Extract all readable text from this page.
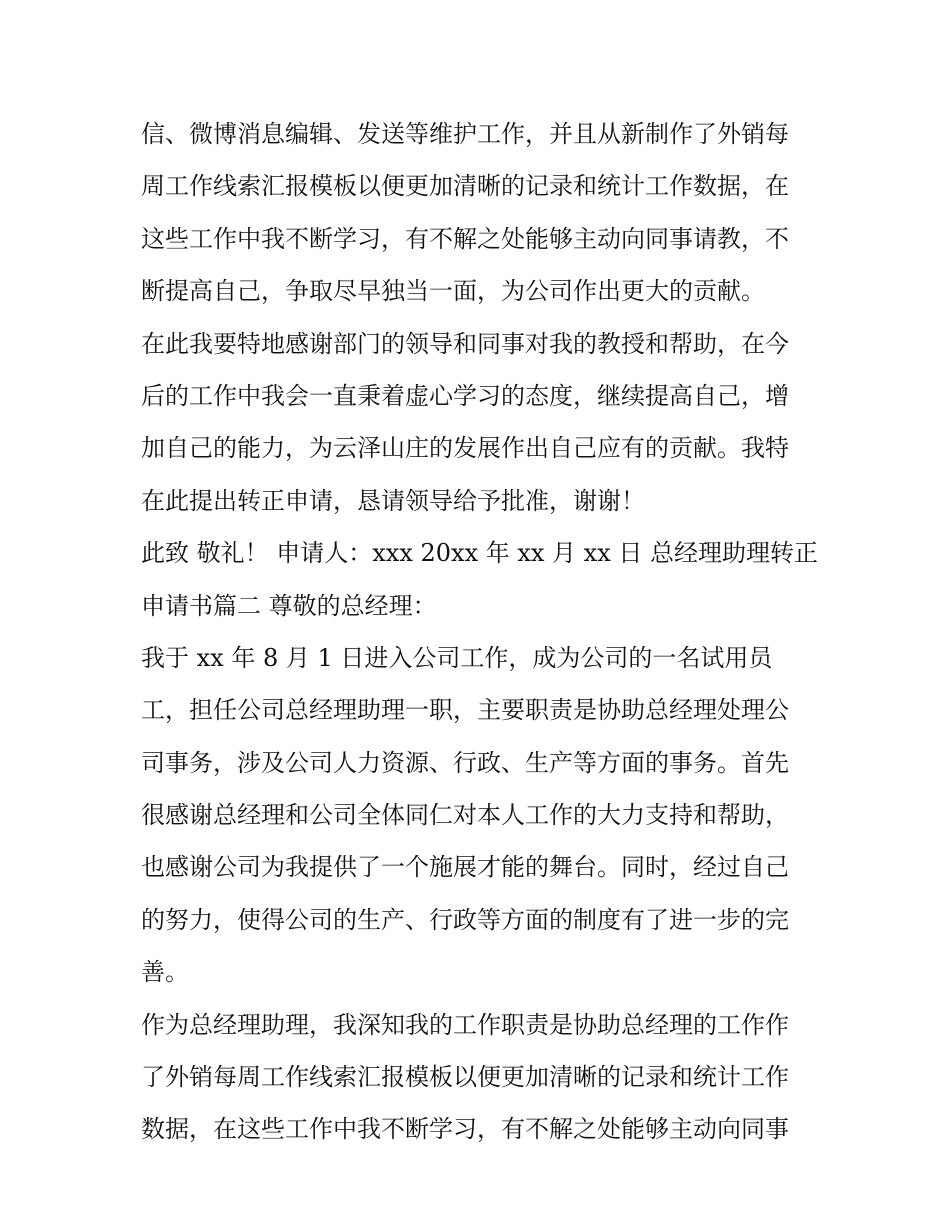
信、微博消息编辑、发送等维护工作，并且从新制作了外销每
周工作线索汇报模板以便更加清晰的记录和统计工作数据，在
这些工作中我不断学习，有不解之处能够主动向同事请教，不
断提高自己，争取尽早独当一面，为公司作出更大的贡献。
在此我要特地感谢部门的领导和同事对我的教授和帮助，在今
后的工作中我会一直秉着虚心学习的态度，继续提高自己，增
加自己的能力，为云泽山庄的发展作出自己应有的贡献。我特
在此提出转正申请，恳请领导给予批准，谢谢！
此致 敬礼！ 申请人：xxx 20xx 年 xx 月 xx 日 总经理助理转正
申请书篇二 尊敬的总经理：
我于 xx 年 8 月 1 日进入公司工作，成为公司的一名试用员
工，担任公司总经理助理一职，主要职责是协助总经理处理公
司事务，涉及公司人力资源、行政、生产等方面的事务。首先
很感谢总经理和公司全体同仁对本人工作的大力支持和帮助，
也感谢公司为我提供了一个施展才能的舞台。同时，经过自己
的努力，使得公司的生产、行政等方面的制度有了进一步的完
善。
作为总经理助理，我深知我的工作职责是协助总经理的工作作
了外销每周工作线索汇报模板以便更加清晰的记录和统计工作
数据，在这些工作中我不断学习，有不解之处能够主动向同事
